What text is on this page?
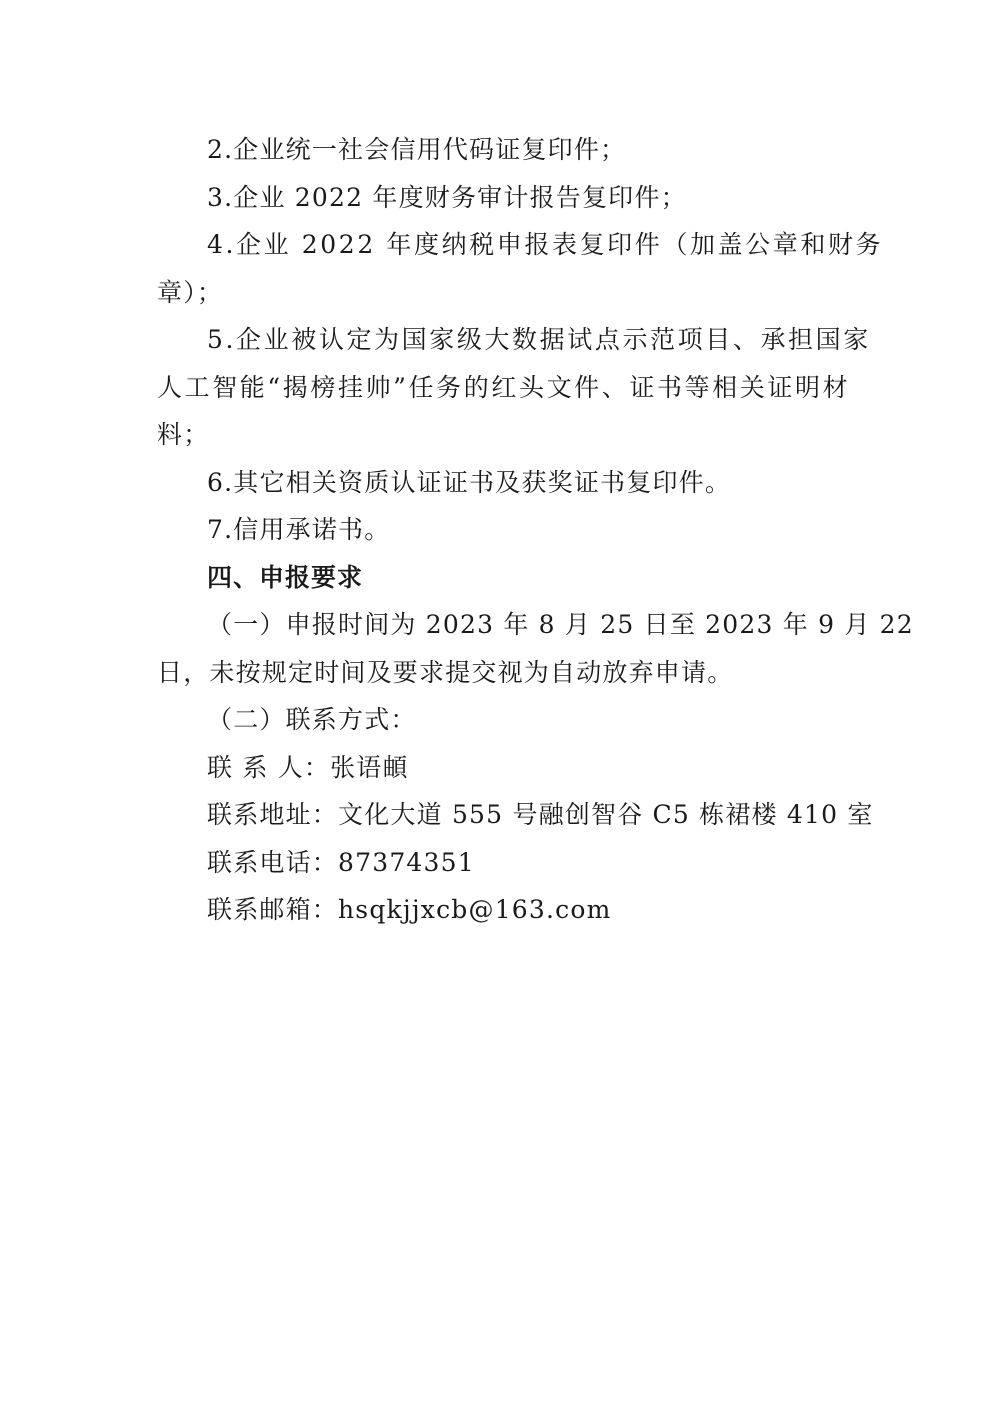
2.企业统一社会信用代码证复印件；
3.企业 2022 年度财务审计报告复印件；
4.企业 2022 年度纳税申报表复印件（加盖公章和财务
章）；
5.企业被认定为国家级大数据试点示范项目、承担国家
人工智能“揭榜挂帅”任务的红头文件、证书等相关证明材
料；
6.其它相关资质认证证书及获奖证书复印件。
7.信用承诺书。
四、申报要求
（一）申报时间为 2023 年 8 月 25 日至 2023 年 9 月 22
日，未按规定时间及要求提交视为自动放弃申请。
（二）联系方式：
联 系 人：张语頔
联系地址：文化大道 555 号融创智谷 C5 栋裙楼 410 室
联系电话：87374351
联系邮箱：hsqkjjxcb@163.com
